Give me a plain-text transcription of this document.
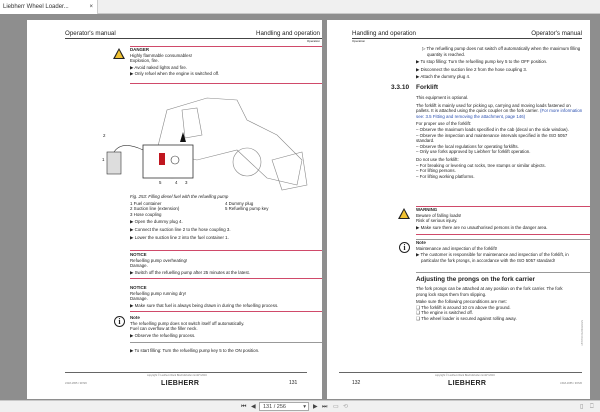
Liebherr Wheel Loader...	×
Operator's manual	Handling and operation
Operation
DANGER
Highly flammable consumables!
Explosion, fire.
▶ Avoid naked lights and fire.
▶ Only refuel when the engine is switched off.
2
1
5	4 3
Fig. 253: Filling diesel fuel with the refuelling pump
1 Fuel container	4 Dummy plug
2 Suction line (extension)	5 Refuelling pump key
3 Hose coupling
▶ Open the dummy plug 4.
▶ Connect the suction line 2 to the hose coupling 3.
▶ Lower the suction line 2 into the fuel container 1.
NOTICE
Refuelling pump overheating!
Damage.
▶ Switch off the refuelling pump after 25 minutes at the latest.
NOTICE
Refuelling pump running dry!
Damage.
▶ Make sure that fuel is always being drawn in during the refuelling process.
i	Note
The refuelling pump does not switch itself off automatically.
Fuel can overflow at the filler neck.
▶ Observe the refuelling process.
▶ To start filling: Turn the refuelling pump key 5 to the ON position.
L518-1655 / 39726
copyright © Liebherr-Werk Bischofshofen GmbH 2016
LIEBHERR	131
Handling and operation	Operator's manual
Operation
▷ The refuelling pump does not switch off automatically when the maximum filling quantity is reached.
▶ To stop filling: Turn the refuelling pump key 5 to the OFF position.
▶ Disconnect the suction line 2 from the hose coupling 3.
▶ Attach the dummy plug 4.
3.3.10 Forklift
This equipment is optional.
The forklift is mainly used for picking up, carrying and moving loads fastened on pallets. It is attached using the quick coupler on the fork carrier. (For more information see: 3.5 Fitting and removing the attachment, page 146)
For proper use of the forklift:
– Observe the maximum loads specified in the cab (decal on the side window).
– Observe the inspection and maintenance intervals specified in the ISO 5057 standard.
– Observe the local regulations for operating forklifts.
– Only use forks approved by Liebherr for forklift operation.
Do not use the forklift:
– For breaking or levering out rocks, tree stumps or similar objects.
– For lifting persons.
– For lifting working platforms.
WARNING
Beware of falling loads!
Risk of serious injury.
▶ Make sure there are no unauthorised persons in the danger area.
i
Note
Maintenance and inspection of the forklift!
▶ The customer is responsible for maintenance and inspection of the forklift, in particular the fork prongs, in accordance with the ISO 5057 standard!
Adjusting the prongs on the fork carrier
The fork prongs can be attached at any position on the fork carrier. The fork prong lock stops them from slipping.
Make sure the following preconditions are met:
❑ The forklift is around 10 cm above the ground.
❑ The engine is switched off.
❑ The wheel loader is secured against rolling away.
LBH/PDF/01/2016/A/EN
132
copyright © Liebherr-Werk Bischofshofen GmbH 2016
LIEBHERR	L518-1655 / 39726
⏮ ◀	131 / 256	▾ ▶ ⏭ ▭ ⟲	▯ ⎕
